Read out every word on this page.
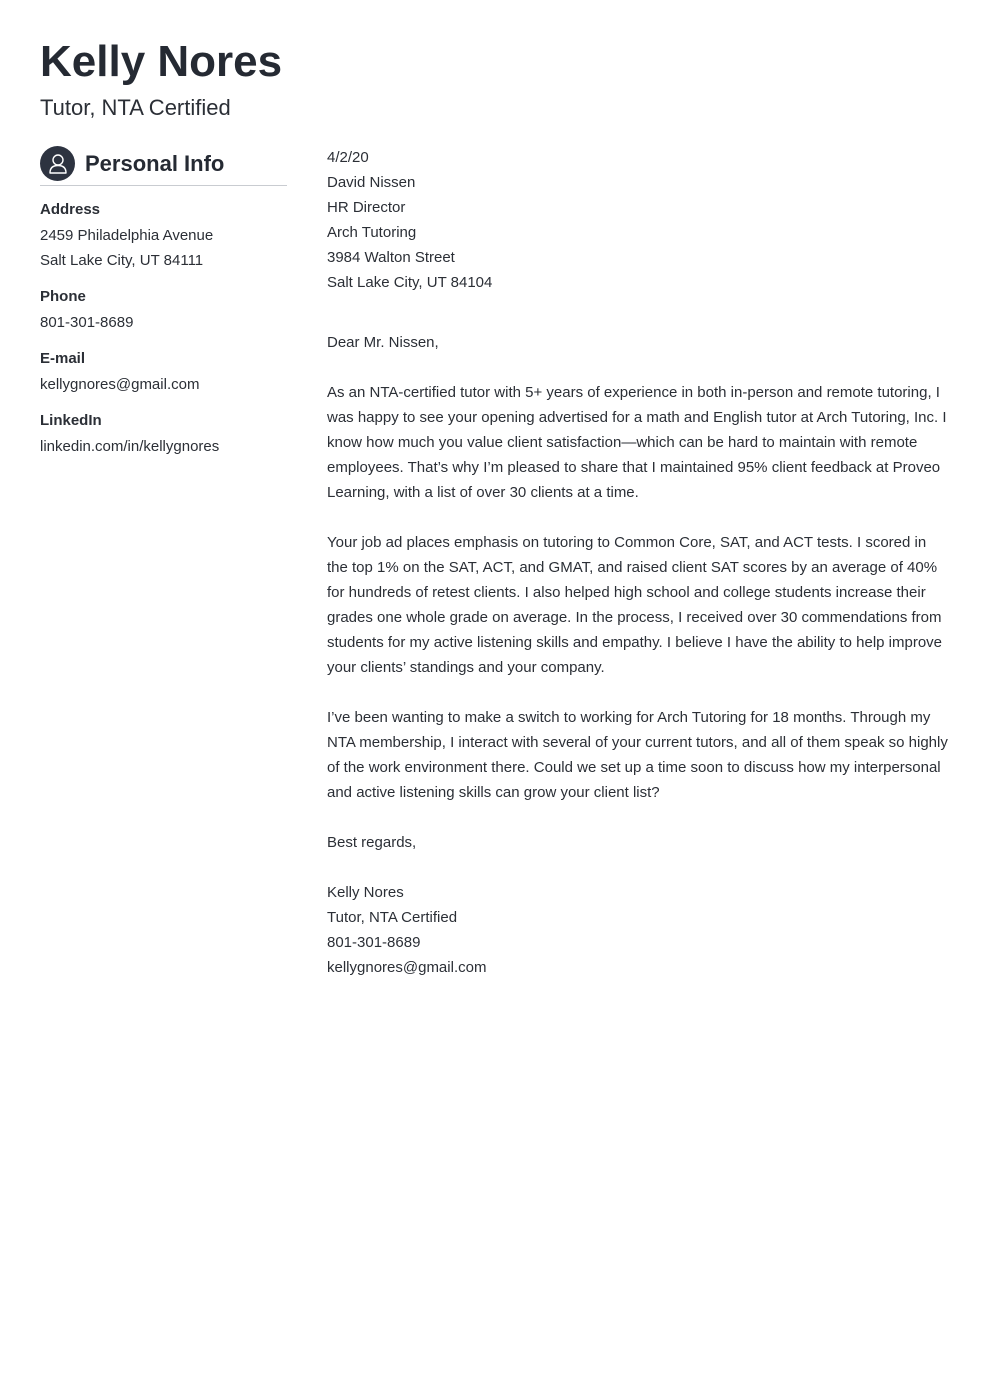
Kelly Nores
Tutor, NTA Certified
Personal Info
Address
2459 Philadelphia Avenue
Salt Lake City, UT 84111
Phone
801-301-8689
E-mail
kellygnores@gmail.com
LinkedIn
linkedin.com/in/kellygnores

4/2/20

David Nissen

HR Director

Arch Tutoring

3984 Walton Street

Salt Lake City, UT 84104

Dear Mr. Nissen,

As an NTA-certified tutor with 5+ years of experience in both in-person and remote tutoring, I was happy to see your opening advertised for a math and English tutor at Arch Tutoring, Inc. I know how much you value client satisfaction—which can be hard to maintain with remote employees. That’s why I’m pleased to share that I maintained 95% client feedback at Proveo Learning, with a list of over 30 clients at a time.

Your job ad places emphasis on tutoring to Common Core, SAT, and ACT tests. I scored in the top 1% on the SAT, ACT, and GMAT, and raised client SAT scores by an average of 40% for hundreds of retest clients. I also helped high school and college students increase their grades one whole grade on average. In the process, I received over 30 commendations from students for my active listening skills and empathy. I believe I have the ability to help improve your clients’ standings and your company.

I’ve been wanting to make a switch to working for Arch Tutoring for 18 months. Through my NTA membership, I interact with several of your current tutors, and all of them speak so highly of the work environment there. Could we set up a time soon to discuss how my interpersonal and active listening skills can grow your client list?

Best regards,

Kelly Nores

Tutor, NTA Certified

801-301-8689

kellygnores@gmail.com
